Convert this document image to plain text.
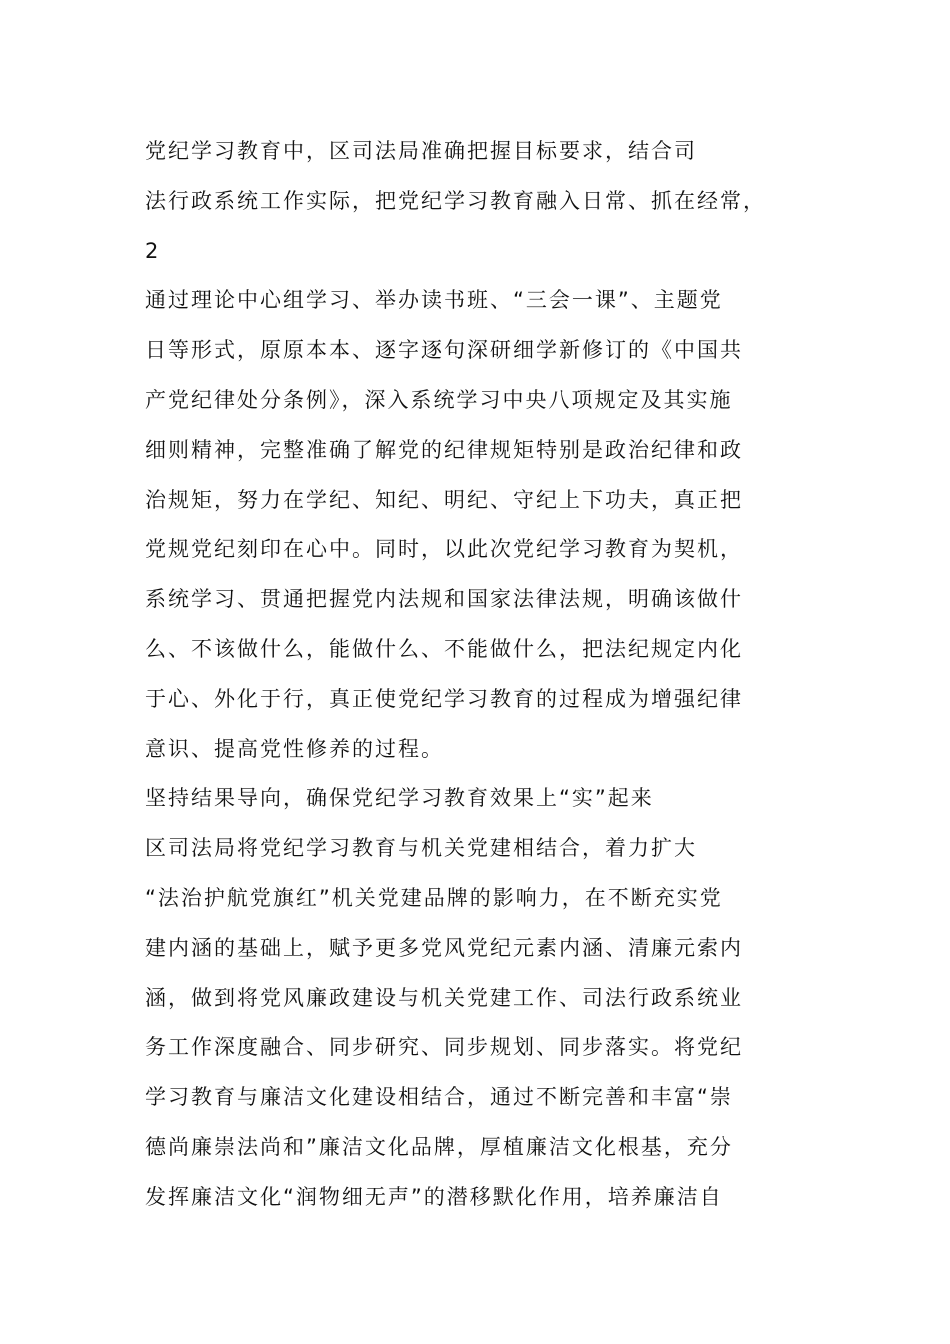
党纪学习教育中，区司法局准确把握目标要求，结合司
法行政系统工作实际，把党纪学习教育融入日常、抓在经常，
2
通过理论中心组学习、举办读书班、“三会一课”、主题党
日等形式，原原本本、逐字逐句深研细学新修订的《中国共
产党纪律处分条例》，深入系统学习中央八项规定及其实施
细则精神，完整准确了解党的纪律规矩特别是政治纪律和政
治规矩，努力在学纪、知纪、明纪、守纪上下功夫，真正把
党规党纪刻印在心中。同时，以此次党纪学习教育为契机，
系统学习、贯通把握党内法规和国家法律法规，明确该做什
么、不该做什么，能做什么、不能做什么，把法纪规定内化
于心、外化于行，真正使党纪学习教育的过程成为增强纪律
意识、提高党性修养的过程。
坚持结果导向，确保党纪学习教育效果上“实”起来
区司法局将党纪学习教育与机关党建相结合，着力扩大
“法治护航党旗红”机关党建品牌的影响力，在不断充实党
建内涵的基础上，赋予更多党风党纪元素内涵、清廉元索内
涵，做到将党风廉政建设与机关党建工作、司法行政系统业
务工作深度融合、同步研究、同步规划、同步落实。将党纪
学习教育与廉洁文化建设相结合，通过不断完善和丰富“崇
德尚廉崇法尚和”廉洁文化品牌，厚植廉洁文化根基，充分
发挥廉洁文化“润物细无声”的潜移默化作用，培养廉洁自
